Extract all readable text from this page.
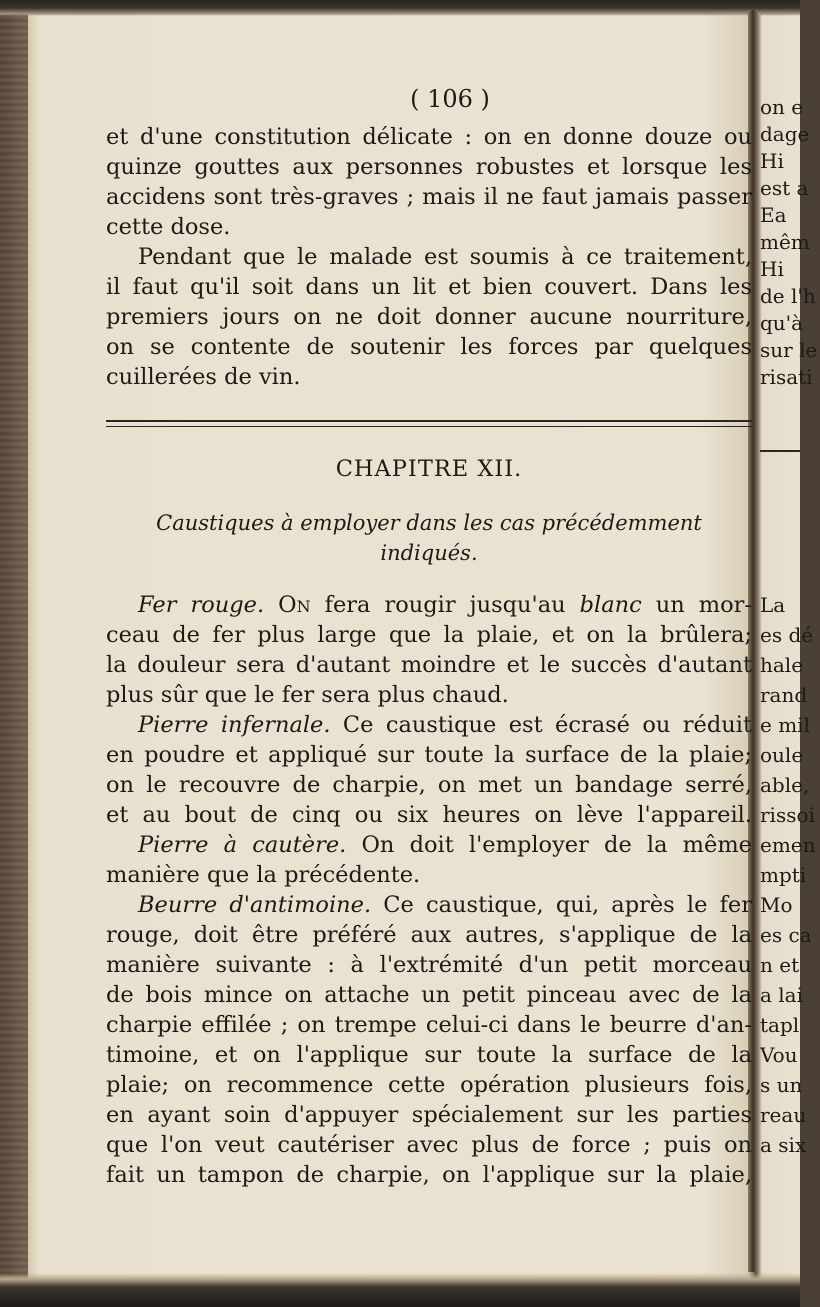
( 106 )
et d'une constitution délicate : on en donne douze ou
quinze gouttes aux personnes robustes et lorsque les
accidens sont très-graves ; mais il ne faut jamais passer
cette dose.
Pendant que le malade est soumis à ce traitement,
il faut qu'il soit dans un lit et bien couvert. Dans les
premiers jours on ne doit donner aucune nourriture,
on se contente de soutenir les forces par quelques
cuillerées de vin.
CHAPITRE XII.
Caustiques à employer dans les cas précédemment
indiqués.
Fer rouge. On fera rougir jusqu'au blanc un mor-
ceau de fer plus large que la plaie, et on la brûlera;
la douleur sera d'autant moindre et le succès d'autant
plus sûr que le fer sera plus chaud.
Pierre infernale. Ce caustique est écrasé ou réduit
en poudre et appliqué sur toute la surface de la plaie;
on le recouvre de charpie, on met un bandage serré,
et au bout de cinq ou six heures on lève l'appareil.
Pierre à cautère. On doit l'employer de la même
manière que la précédente.
Beurre d'antimoine. Ce caustique, qui, après le fer
rouge, doit être préféré aux autres, s'applique de la
manière suivante : à l'extrémité d'un petit morceau
de bois mince on attache un petit pinceau avec de la
charpie effilée ; on trempe celui-ci dans le beurre d'an-
timoine, et on l'applique sur toute la surface de la
plaie; on recommence cette opération plusieurs fois,
en ayant soin d'appuyer spécialement sur les parties
que l'on veut cautériser avec plus de force ; puis on
fait un tampon de charpie, on l'applique sur la plaie,
on e
dage
Hi
est a
Ea
mêm
Hi
de l'h
qu'à
sur le
risati
La
es dé
hale
rand
e mil
oule
able,
rissoi
emen
mpti
Mo
es ca
n et
a lai
tapl
Vou
s un
reau
a six
